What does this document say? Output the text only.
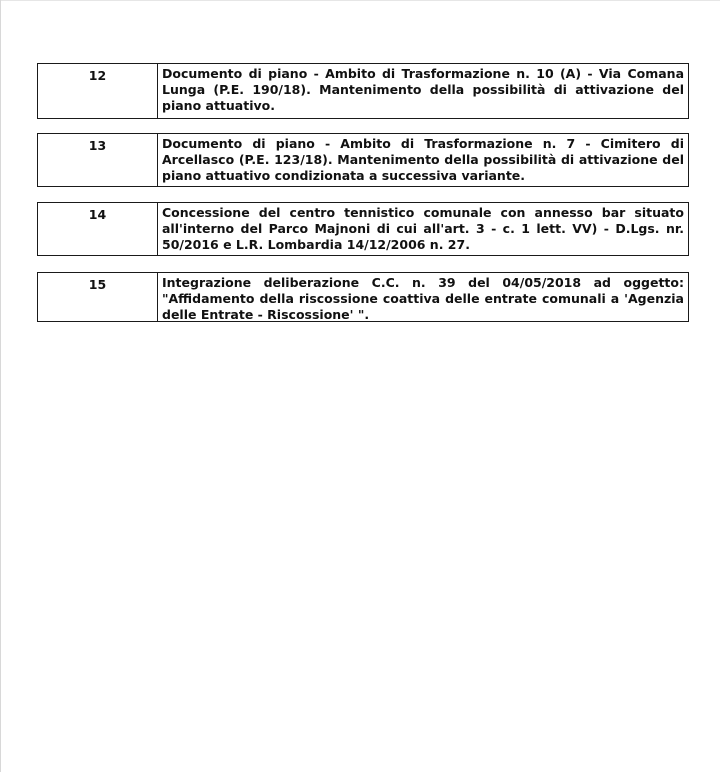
12	Documento di piano - Ambito di Trasformazione n. 10 (A) - Via Comana Lunga (P.E. 190/18). Mantenimento della possibilità di attivazione del piano attuativo.
13	Documento di piano - Ambito di Trasformazione n. 7 - Cimitero di Arcellasco (P.E. 123/18). Mantenimento della possibilità di attivazione del piano attuativo condizionata a successiva variante.
14	Concessione del centro tennistico comunale con annesso bar situato all'interno del Parco Majnoni di cui all'art. 3 - c. 1 lett. VV) - D.Lgs. nr. 50/2016 e L.R. Lombardia 14/12/2006 n. 27.
15	Integrazione deliberazione C.C. n. 39 del 04/05/2018 ad oggetto: "Affidamento della riscossione coattiva delle entrate comunali a 'Agenzia delle Entrate - Riscossione' ".
